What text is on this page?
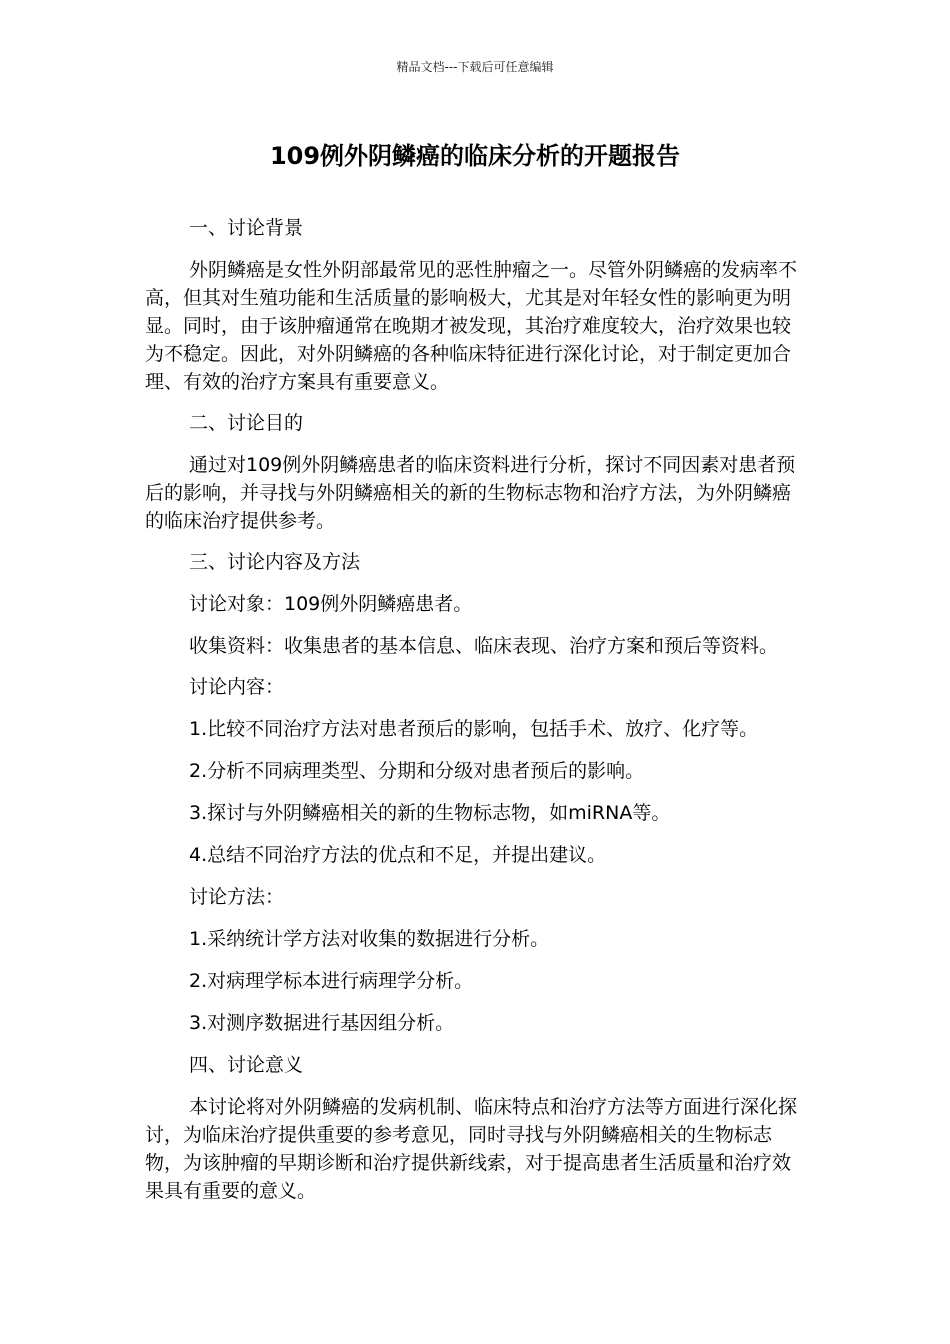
精品文档---下载后可任意编辑
109例外阴鳞癌的临床分析的开题报告

一、讨论背景

外阴鳞癌是女性外阴部最常见的恶性肿瘤之一。尽管外阴鳞癌的发病率不高，但其对生殖功能和生活质量的影响极大，尤其是对年轻女性的影响更为明显。同时，由于该肿瘤通常在晚期才被发现，其治疗难度较大，治疗效果也较为不稳定。因此，对外阴鳞癌的各种临床特征进行深化讨论，对于制定更加合理、有效的治疗方案具有重要意义。

二、讨论目的

通过对109例外阴鳞癌患者的临床资料进行分析，探讨不同因素对患者预后的影响，并寻找与外阴鳞癌相关的新的生物标志物和治疗方法，为外阴鳞癌的临床治疗提供参考。

三、讨论内容及方法

讨论对象：109例外阴鳞癌患者。

收集资料：收集患者的基本信息、临床表现、治疗方案和预后等资料。

讨论内容：

1.比较不同治疗方法对患者预后的影响，包括手术、放疗、化疗等。

2.分析不同病理类型、分期和分级对患者预后的影响。

3.探讨与外阴鳞癌相关的新的生物标志物，如miRNA等。

4.总结不同治疗方法的优点和不足，并提出建议。

讨论方法：

1.采纳统计学方法对收集的数据进行分析。

2.对病理学标本进行病理学分析。

3.对测序数据进行基因组分析。

四、讨论意义

本讨论将对外阴鳞癌的发病机制、临床特点和治疗方法等方面进行深化探讨，为临床治疗提供重要的参考意见，同时寻找与外阴鳞癌相关的生物标志物，为该肿瘤的早期诊断和治疗提供新线索，对于提高患者生活质量和治疗效果具有重要的意义。
